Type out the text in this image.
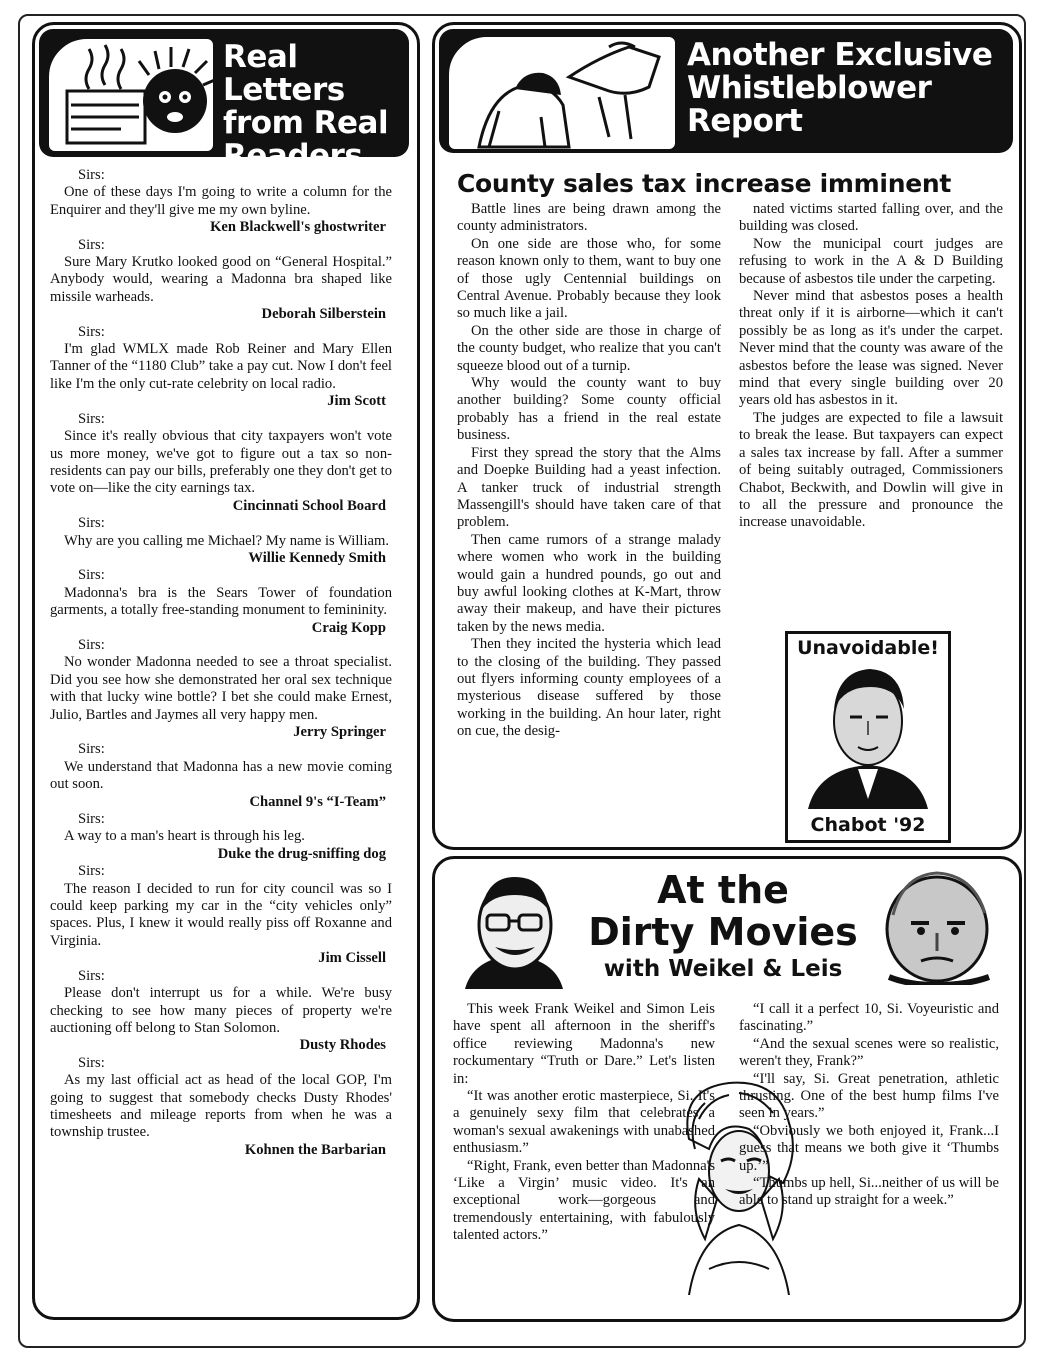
Real Letters
from Real
Readers

Sirs:

One of these days I'm going to write a column for the Enquirer and they'll give me my own byline.

Ken Blackwell's ghostwriter

Sirs:

Sure Mary Krutko looked good on “General Hospital.” Anybody would, wearing a Madonna bra shaped like missile warheads.

Deborah Silberstein

Sirs:

I'm glad WMLX made Rob Reiner and Mary Ellen Tanner of the “1180 Club” take a pay cut. Now I don't feel like I'm the only cut-rate celebrity on local radio.

Jim Scott

Sirs:

Since it's really obvious that city taxpayers won't vote us more money, we've got to figure out a tax so non-residents can pay our bills, preferably one they don't get to vote on—like the city earnings tax.

Cincinnati School Board

Sirs:

Why are you calling me Michael? My name is William.

Willie Kennedy Smith

Sirs:

Madonna's bra is the Sears Tower of foundation garments, a totally free-standing monument to femininity.

Craig Kopp

Sirs:

No wonder Madonna needed to see a throat specialist. Did you see how she demonstrated her oral sex technique with that lucky wine bottle? I bet she could make Ernest, Julio, Bartles and Jaymes all very happy men.

Jerry Springer

Sirs:

We understand that Madonna has a new movie coming out soon.

Channel 9's “I-Team”

Sirs:

A way to a man's heart is through his leg.

Duke the drug-sniffing dog

Sirs:

The reason I decided to run for city council was so I could keep parking my car in the “city vehicles only” spaces. Plus, I knew it would really piss off Roxanne and Virginia.

Jim Cissell

Sirs:

Please don't interrupt us for a while. We're busy checking to see how many pieces of property we're auctioning off belong to Stan Solomon.

Dusty Rhodes

Sirs:

As my last official act as head of the local GOP, I'm going to suggest that somebody checks Dusty Rhodes' timesheets and mileage reports from when he was a township trustee.

Kohnen the Barbarian

Another Exclusive
Whistleblower
Report
County sales tax increase imminent

Battle lines are being drawn among the county administrators.

On one side are those who, for some reason known only to them, want to buy one of those ugly Centennial buildings on Central Avenue. Probably because they look so much like a jail.

On the other side are those in charge of the county budget, who realize that you can't squeeze blood out of a turnip.

Why would the county want to buy another building? Some county official probably has a friend in the real estate business.

First they spread the story that the Alms and Doepke Building had a yeast infection. A tanker truck of industrial strength Massengill's should have taken care of that problem.

Then came rumors of a strange malady where women who work in the building would gain a hundred pounds, go out and buy awful looking clothes at K-Mart, throw away their makeup, and have their pictures taken by the news media.

Then they incited the hysteria which lead to the closing of the building. They passed out flyers informing county employees of a mysterious disease suffered by those working in the building. An hour later, right on cue, the desig-

nated victims started falling over, and the building was closed.

Now the municipal court judges are refusing to work in the A & D Building because of asbestos tile under the carpeting.

Never mind that asbestos poses a health threat only if it is airborne—which it can't possibly be as long as it's under the carpet. Never mind that the county was aware of the asbestos before the lease was signed. Never mind that every single building over 20 years old has asbestos in it.

The judges are expected to file a lawsuit to break the lease. But taxpayers can expect a sales tax increase by fall. After a summer of being suitably outraged, Commissioners Chabot, Beckwith, and Dowlin will give in to all the pressure and pronounce the increase unavoidable.

Unavoidable!
Chabot '92
At the
Dirty Movies
with Weikel & Leis

This week Frank Weikel and Simon Leis have spent all afternoon in the sheriff's office reviewing Madonna's new rockumentary “Truth or Dare.” Let's listen in:

“It was another erotic masterpiece, Si. It's a genuinely sexy film that celebrates a woman's sexual awakenings with unabashed enthusiasm.”

“Right, Frank, even better than Madonna's ‘Like a Virgin’ music video. It's an exceptional work—gorgeous and tremendously entertaining, with fabulously talented actors.”

“I call it a perfect 10, Si. Voyeuristic and fascinating.”

“And the sexual scenes were so realistic, weren't they, Frank?”

“I'll say, Si. Great penetration, athletic thrusting. One of the best hump films I've seen in years.”

“Obviously we both enjoyed it, Frank...I guess that means we both give it ‘Thumbs up.’”

“Thumbs up hell, Si...neither of us will be able to stand up straight for a week.”
